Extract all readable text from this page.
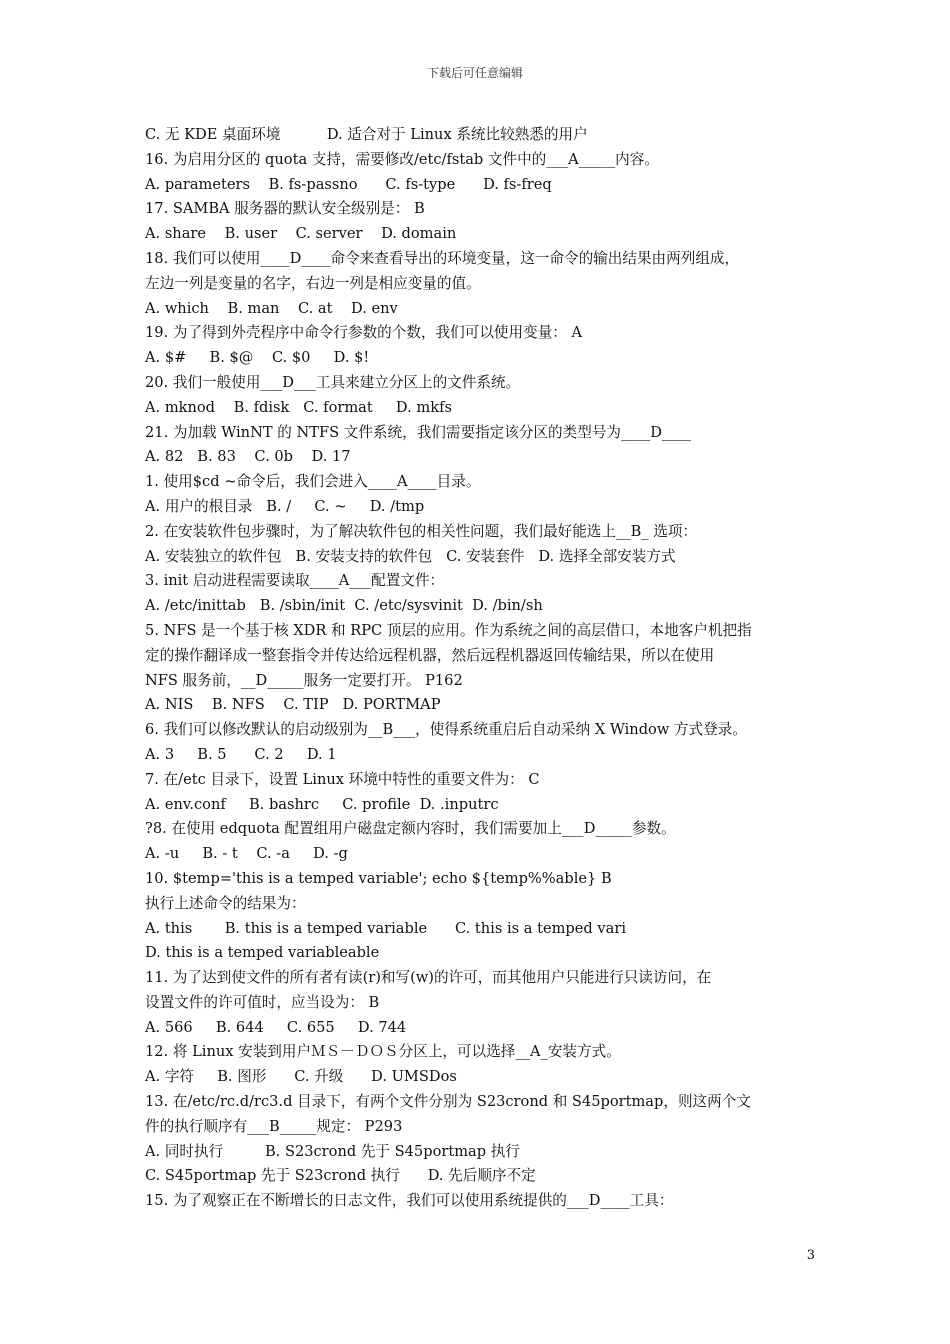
下载后可任意编辑
C. 无 KDE 桌面环境          D. 适合对于 Linux 系统比较熟悉的用户
16. 为启用分区的 quota 支持，需要修改/etc/fstab 文件中的___A_____内容。
A. parameters    B. fs-passno      C. fs-type      D. fs-freq
17. SAMBA 服务器的默认安全级别是： B
A. share    B. user    C. server    D. domain
18. 我们可以使用____D____命令来查看导出的环境变量，这一命令的输出结果由两列组成，
左边一列是变量的名字，右边一列是相应变量的值。
A. which    B. man    C. at    D. env
19. 为了得到外壳程序中命令行参数的个数，我们可以使用变量： A
A. $#     B. $@    C. $0     D. $!
20. 我们一般使用___D___工具来建立分区上的文件系统。
A. mknod    B. fdisk   C. format     D. mkfs
21. 为加载 WinNT 的 NTFS 文件系统，我们需要指定该分区的类型号为____D____
A. 82   B. 83    C. 0b    D. 17
1. 使用$cd ~命令后，我们会进入____A____目录。
A. 用户的根目录   B. /     C. ~     D. /tmp
2. 在安装软件包步骤时，为了解决软件包的相关性问题，我们最好能选上__B_ 选项：
A. 安装独立的软件包   B. 安装支持的软件包   C. 安装套件   D. 选择全部安装方式
3. init 启动进程需要读取____A___配置文件：
A. /etc/inittab   B. /sbin/init  C. /etc/sysvinit  D. /bin/sh
5. NFS 是一个基于核 XDR 和 RPC 顶层的应用。作为系统之间的高层借口，本地客户机把指
定的操作翻译成一整套指令并传达给远程机器，然后远程机器返回传输结果，所以在使用
NFS 服务前，__D_____服务一定要打开。 P162
A. NIS    B. NFS    C. TIP   D. PORTMAP
6. 我们可以修改默认的启动级别为__B___，使得系统重启后自动采纳 X Window 方式登录。
A. 3     B. 5      C. 2     D. 1
7. 在/etc 目录下，设置 Linux 环境中特性的重要文件为： C
A. env.conf     B. bashrc     C. profile  D. .inputrc
?8. 在使用 edquota 配置组用户磁盘定额内容时，我们需要加上___D_____参数。
A. -u     B. - t    C. -a     D. -g
10. $temp='this is a temped variable'; echo ${temp%%able} B
执行上述命令的结果为：
A. this       B. this is a temped variable      C. this is a temped vari
D. this is a temped variableable
11. 为了达到使文件的所有者有读(r)和写(w)的许可，而其他用户只能进行只读访问，在
设置文件的许可值时，应当设为： B
A. 566     B. 644     C. 655     D. 744
12. 将 Linux 安装到用户ＭＳ－ＤＯＳ分区上，可以选择__A_安装方式。
A. 字符     B. 图形      C. 升级      D. UMSDos
13. 在/etc/rc.d/rc3.d 目录下，有两个文件分别为 S23crond 和 S45portmap，则这两个文
件的执行顺序有___B_____规定： P293
A. 同时执行         B. S23crond 先于 S45portmap 执行
C. S45portmap 先于 S23crond 执行      D. 先后顺序不定
15. 为了观察正在不断增长的日志文件，我们可以使用系统提供的___D____工具：
3
